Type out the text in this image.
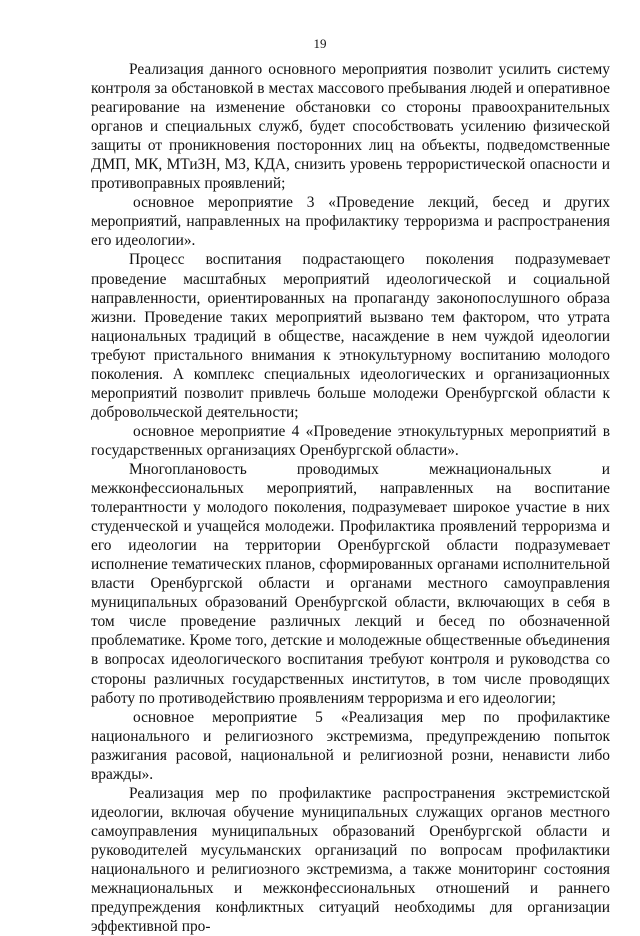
19

Реализация данного основного мероприятия позволит усилить систему контроля за обстановкой в местах массового пребывания людей и оперативное реагирование на изменение обстановки со стороны правоохранительных органов и специальных служб, будет способствовать усилению физической защиты от проникновения посторонних лиц на объекты, подведомственные ДМП, МК, МТиЗН, МЗ, КДА, снизить уровень террористической опасности и противоправных проявлений;

основное мероприятие 3 «Проведение лекций, бесед и других мероприятий, направленных на профилактику терроризма и распространения его идеологии».

Процесс воспитания подрастающего поколения подразумевает проведение масштабных мероприятий идеологической и социальной направленности, ориентированных на пропаганду законопослушного образа жизни. Проведение таких мероприятий вызвано тем фактором, что утрата национальных традиций в обществе, насаждение в нем чуждой идеологии требуют пристального внимания к этнокультурному воспитанию молодого поколения. А комплекс специальных идеологических и организационных мероприятий позволит привлечь больше молодежи Оренбургской области к добровольческой деятельности;

основное мероприятие 4 «Проведение этнокультурных мероприятий в государственных организациях Оренбургской области».

Многоплановость проводимых межнациональных и межконфессиональных мероприятий, направленных на воспитание толерантности у молодого поколения, подразумевает широкое участие в них студенческой и учащейся молодежи. Профилактика проявлений терроризма и его идеологии на территории Оренбургской области подразумевает исполнение тематических планов, сформированных органами исполнительной власти Оренбургской области и органами местного самоуправления муниципальных образований Оренбургской области, включающих в себя в том числе проведение различных лекций и бесед по обозначенной проблематике. Кроме того, детские и молодежные общественные объединения в вопросах идеологического воспитания требуют контроля и руководства со стороны различных государственных институтов, в том числе проводящих работу по противодействию проявлениям терроризма и его идеологии;

основное мероприятие 5 «Реализация мер по профилактике национального и религиозного экстремизма, предупреждению попыток разжигания расовой, национальной и религиозной розни, ненависти либо вражды».

Реализация мер по профилактике распространения экстремистской идеологии, включая обучение муниципальных служащих органов местного самоуправления муниципальных образований Оренбургской области и руководителей мусульманских организаций по вопросам профилактики национального и религиозного экстремизма, а также мониторинг состояния межнациональных и межконфессиональных отношений и раннего предупреждения конфликтных ситуаций необходимы для организации эффективной про-
